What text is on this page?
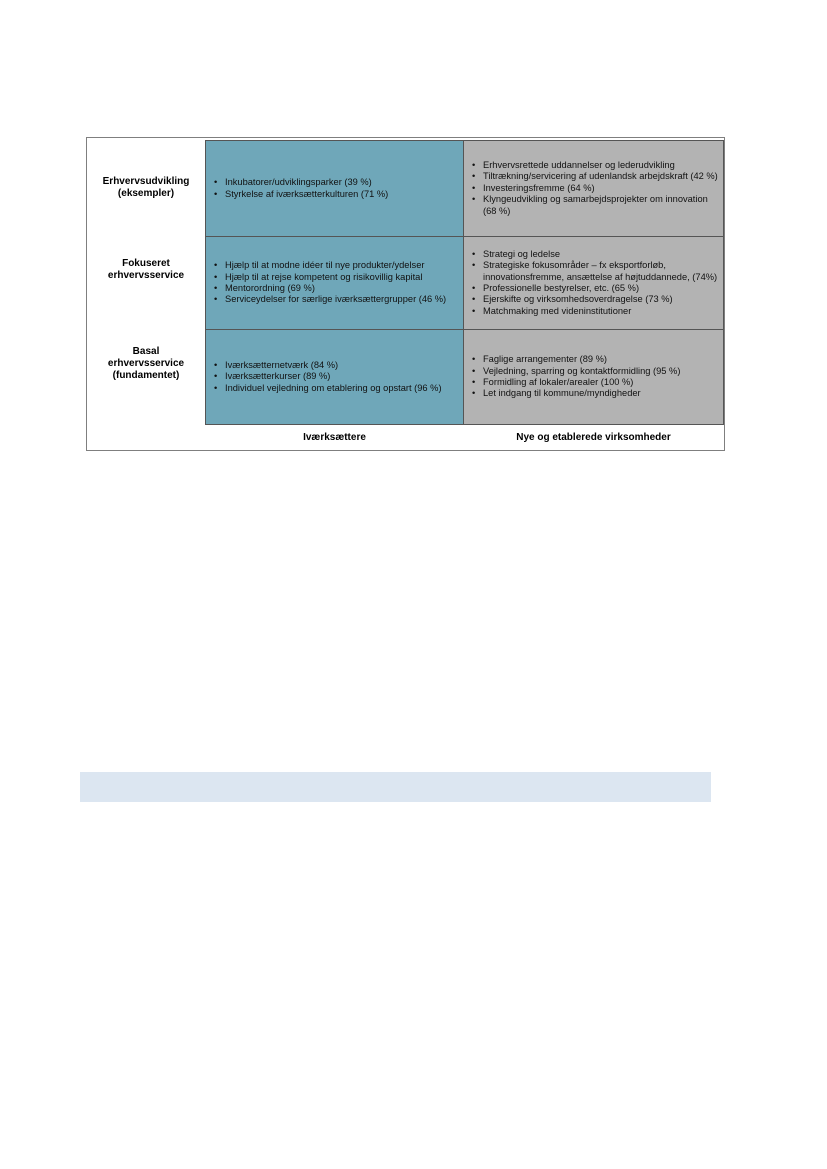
Erhvervsudvikling
(eksempler)
Fokuseret
erhvervsservice
Basal
erhvervsservice
(fundamentet)
• Inkubatorer/udviklingsparker (39 %)
• Styrkelse af iværksætterkulturen (71 %)
• Erhvervsrettede uddannelser og lederudvikling
• Tiltrækning/servicering af udenlandsk arbejdskraft (42 %)
• Investeringsfremme (64 %)
• Klyngeudvikling og samarbejdsprojekter om innovation (68 %)
• Hjælp til at modne idéer til nye produkter/ydelser
• Hjælp til at rejse kompetent og risikovillig kapital
• Mentorordning (69 %)
• Serviceydelser for særlige iværksættergrupper (46 %)
• Strategi og ledelse
• Strategiske fokusområder – fx eksportforløb, innovationsfremme, ansættelse af højtuddannede, (74%)
• Professionelle bestyrelser, etc. (65 %)
• Ejerskifte og virksomhedsoverdragelse (73 %)
• Matchmaking med videninstitutioner
• Iværksætternetværk (84 %)
• Iværksætterkurser (89 %)
• Individuel vejledning om etablering og opstart (96 %)
• Faglige arrangementer (89 %)
• Vejledning, sparring og kontaktformidling (95 %)
• Formidling af lokaler/arealer (100 %)
• Let indgang til kommune/myndigheder
Iværksættere	Nye og etablerede virksomheder
